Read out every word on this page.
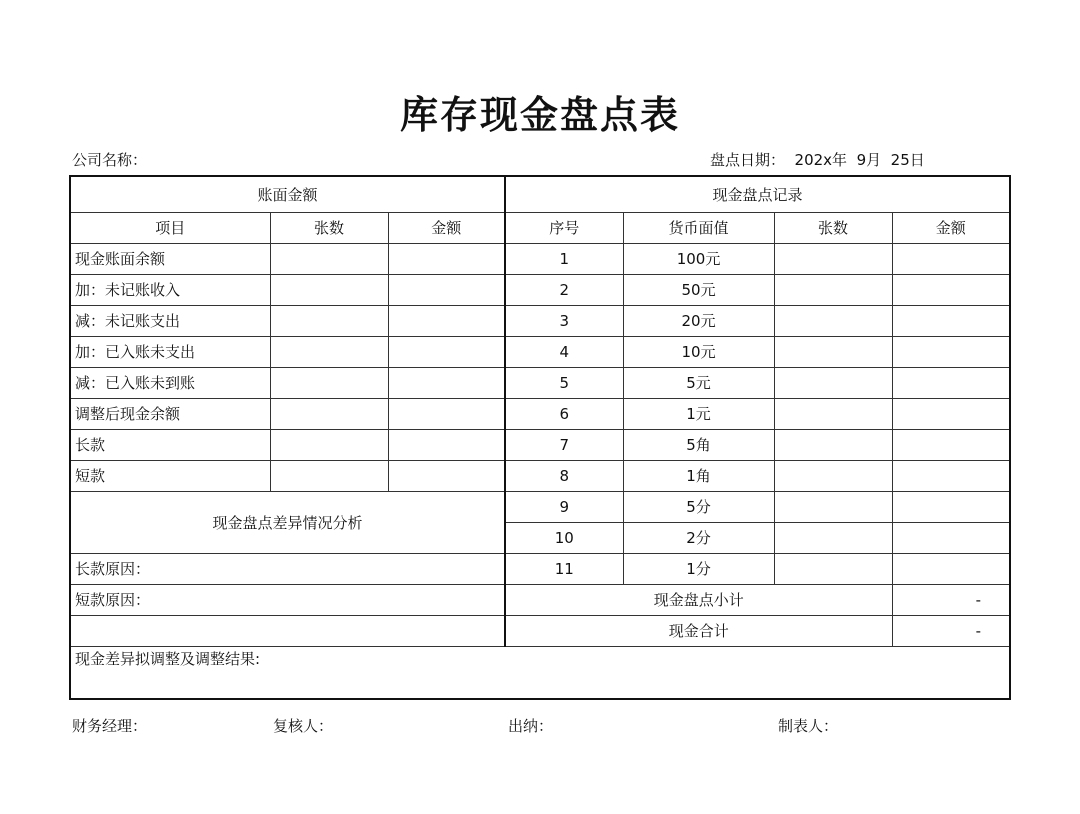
库存现金盘点表
公司名称：	盘点日期：  202x年  9月  25日
账面金额			现金盘点记录			
项目	张数	金额	序号	货币面值	张数	金额
现金账面余额			1	100元		
加：未记账收入			2	50元		
减：未记账支出			3	20元		
加：已入账未支出			4	10元		
减：已入账未到账			5	5元		
调整后现金余额			6	1元		
长款			7	5角		
短款			8	1角		
现金盘点差异情况分析			9	5分		
			10	2分		
长款原因：			11	1分		
短款原因：			现金盘点小计			-
			现金合计			-
现金差异拟调整及调整结果:						
财务经理：	复核人：	出纳：	制表人：
